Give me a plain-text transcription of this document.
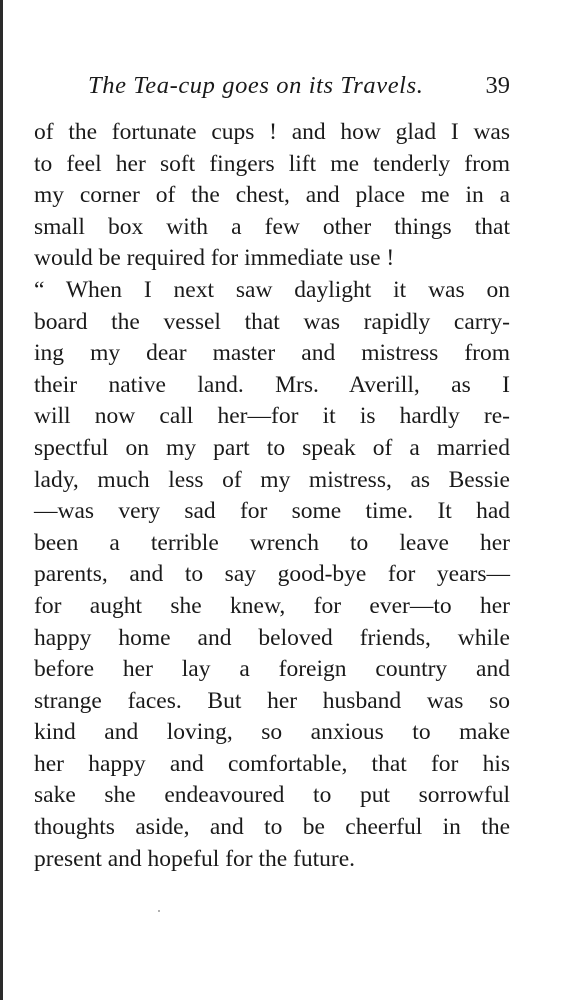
The Tea-cup goes on its Travels.	39
of the fortunate cups ! and how glad I was
to feel her soft fingers lift me tenderly from
my corner of the chest, and place me in a
small box with a few other things that
would be required for immediate use !
“ When I next saw daylight it was on
board the vessel that was rapidly carry-
ing my dear master and mistress from
their native land. Mrs. Averill, as I
will now call her—for it is hardly re-
spectful on my part to speak of a married
lady, much less of my mistress, as Bessie
—was very sad for some time. It had
been a terrible wrench to leave her
parents, and to say good-bye for years—
for aught she knew, for ever—to her
happy home and beloved friends, while
before her lay a foreign country and
strange faces. But her husband was so
kind and loving, so anxious to make
her happy and comfortable, that for his
sake she endeavoured to put sorrowful
thoughts aside, and to be cheerful in the
present and hopeful for the future.
